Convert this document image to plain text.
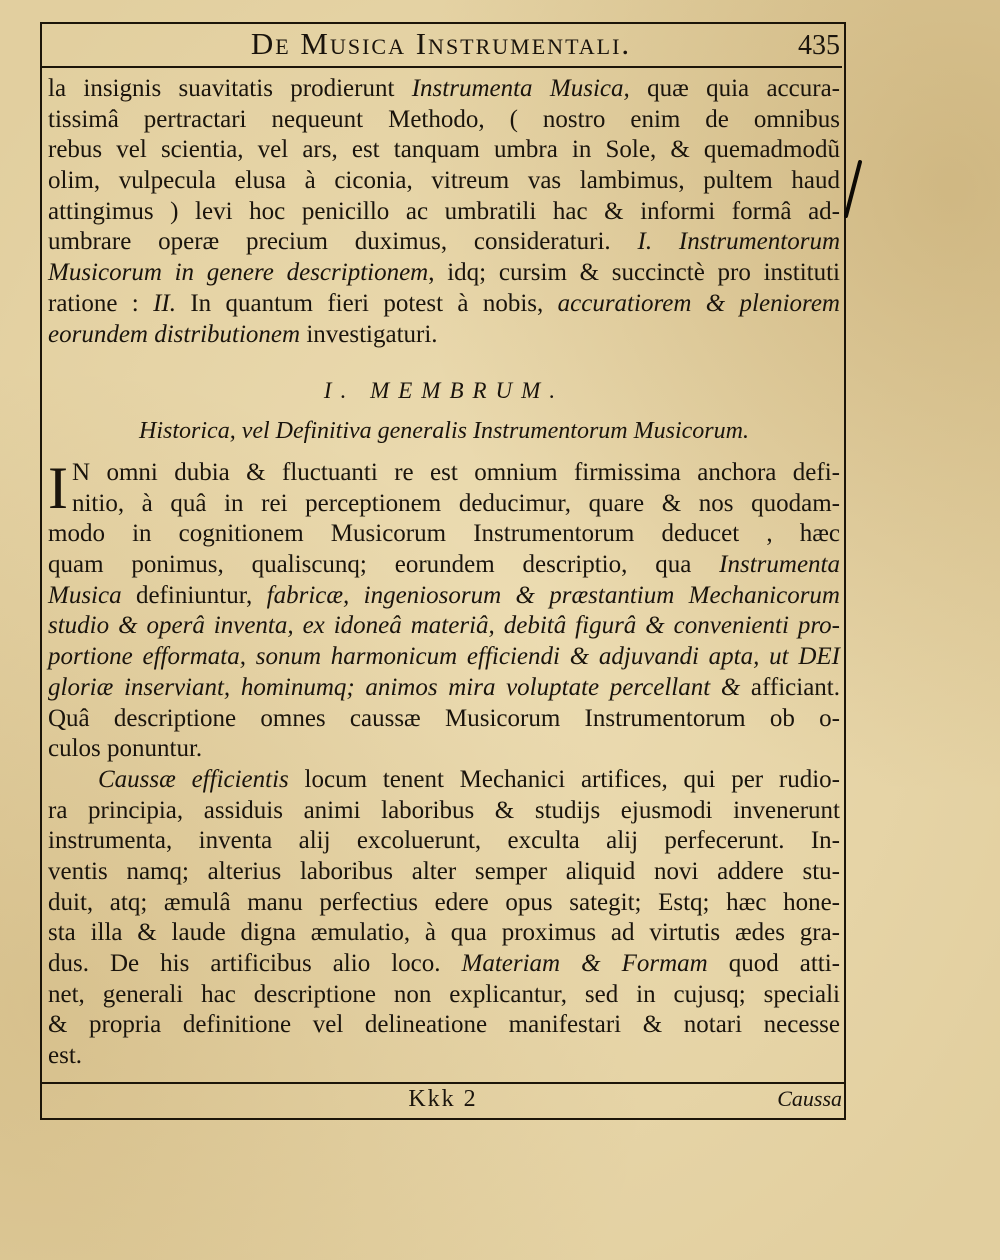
De Musica Instrumentali.	435
la insignis suavitatis prodierunt Instrumenta Musica, quæ quia accura-
tissimâ pertractari nequeunt Methodo, ( nostro enim de omnibus
rebus vel scientia, vel ars, est tanquam umbra in Sole, & quemadmodũ
olim, vulpecula elusa à ciconia, vitreum vas lambimus, pultem haud
attingimus ) levi hoc penicillo ac umbratili hac & informi formâ ad-
umbrare operæ precium duximus, consideraturi. I. Instrumentorum
Musicorum in genere descriptionem, idq; cursim & succinctè pro instituti
ratione : II. In quantum fieri potest à nobis, accuratiorem & pleniorem
eorundem distributionem investigaturi.
I. MEMBRUM.
Historica, vel Definitiva generalis Instrumentorum Musicorum.
I N omni dubia & fluctuanti re est omnium firmissima anchora defi-
nitio, à quâ in rei perceptionem deducimur, quare & nos quodam-
modo in cognitionem Musicorum Instrumentorum deducet , hæc
quam ponimus, qualiscunq; eorundem descriptio, qua Instrumenta
Musica definiuntur, fabricæ, ingeniosorum & præstantium Mechanicorum
studio & operâ inventa, ex idoneâ materiâ, debitâ figurâ & convenienti pro-
portione efformata, sonum harmonicum efficiendi & adjuvandi apta, ut DEI
gloriæ inserviant, hominumq; animos mira voluptate percellant & afficiant.
Quâ descriptione omnes caussæ Musicorum Instrumentorum ob o-
culos ponuntur.
Caussæ efficientis locum tenent Mechanici artifices, qui per rudio-
ra principia, assiduis animi laboribus & studijs ejusmodi invenerunt
instrumenta, inventa alij excoluerunt, exculta alij perfecerunt. In-
ventis namq; alterius laboribus alter semper aliquid novi addere stu-
duit, atq; æmulâ manu perfectius edere opus sategit; Estq; hæc hone-
sta illa & laude digna æmulatio, à qua proximus ad virtutis ædes gra-
dus. De his artificibus alio loco. Materiam & Formam quod atti-
net, generali hac descriptione non explicantur, sed in cujusq; speciali
& propria definitione vel delineatione manifestari & notari necesse
est.
Kkk 2	Caussa
